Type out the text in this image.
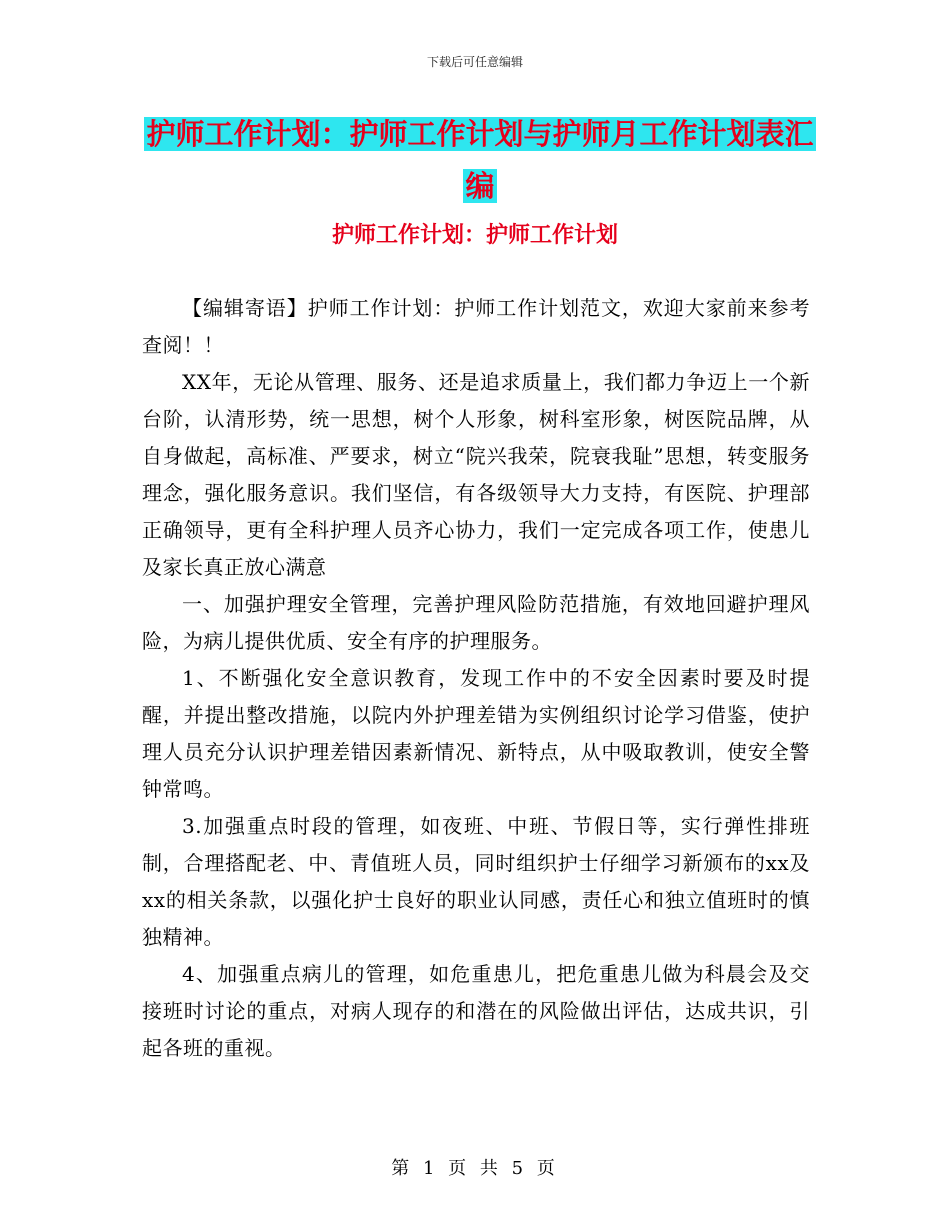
下载后可任意编辑
护师工作计划：护师工作计划与护师月工作计划表汇编
护师工作计划：护师工作计划

【编辑寄语】护师工作计划：护师工作计划范文，欢迎大家前来参考查阅！！

XX年，无论从管理、服务、还是追求质量上，我们都力争迈上一个新台阶，认清形势，统一思想，树个人形象，树科室形象，树医院品牌，从自身做起，高标准、严要求，树立“院兴我荣，院衰我耻”思想，转变服务理念，强化服务意识。我们坚信，有各级领导大力支持，有医院、护理部正确领导，更有全科护理人员齐心协力，我们一定完成各项工作，使患儿及家长真正放心满意

一、加强护理安全管理，完善护理风险防范措施，有效地回避护理风险，为病儿提供优质、安全有序的护理服务。

1、不断强化安全意识教育，发现工作中的不安全因素时要及时提醒，并提出整改措施，以院内外护理差错为实例组织讨论学习借鉴，使护理人员充分认识护理差错因素新情况、新特点，从中吸取教训，使安全警钟常鸣。

3.加强重点时段的管理，如夜班、中班、节假日等，实行弹性排班制，合理搭配老、中、青值班人员，同时组织护士仔细学习新颁布的xx及xx的相关条款，以强化护士良好的职业认同感，责任心和独立值班时的慎独精神。

4、加强重点病儿的管理，如危重患儿，把危重患儿做为科晨会及交接班时讨论的重点，对病人现存的和潜在的风险做出评估，达成共识，引起各班的重视。

第 1 页 共 5 页
